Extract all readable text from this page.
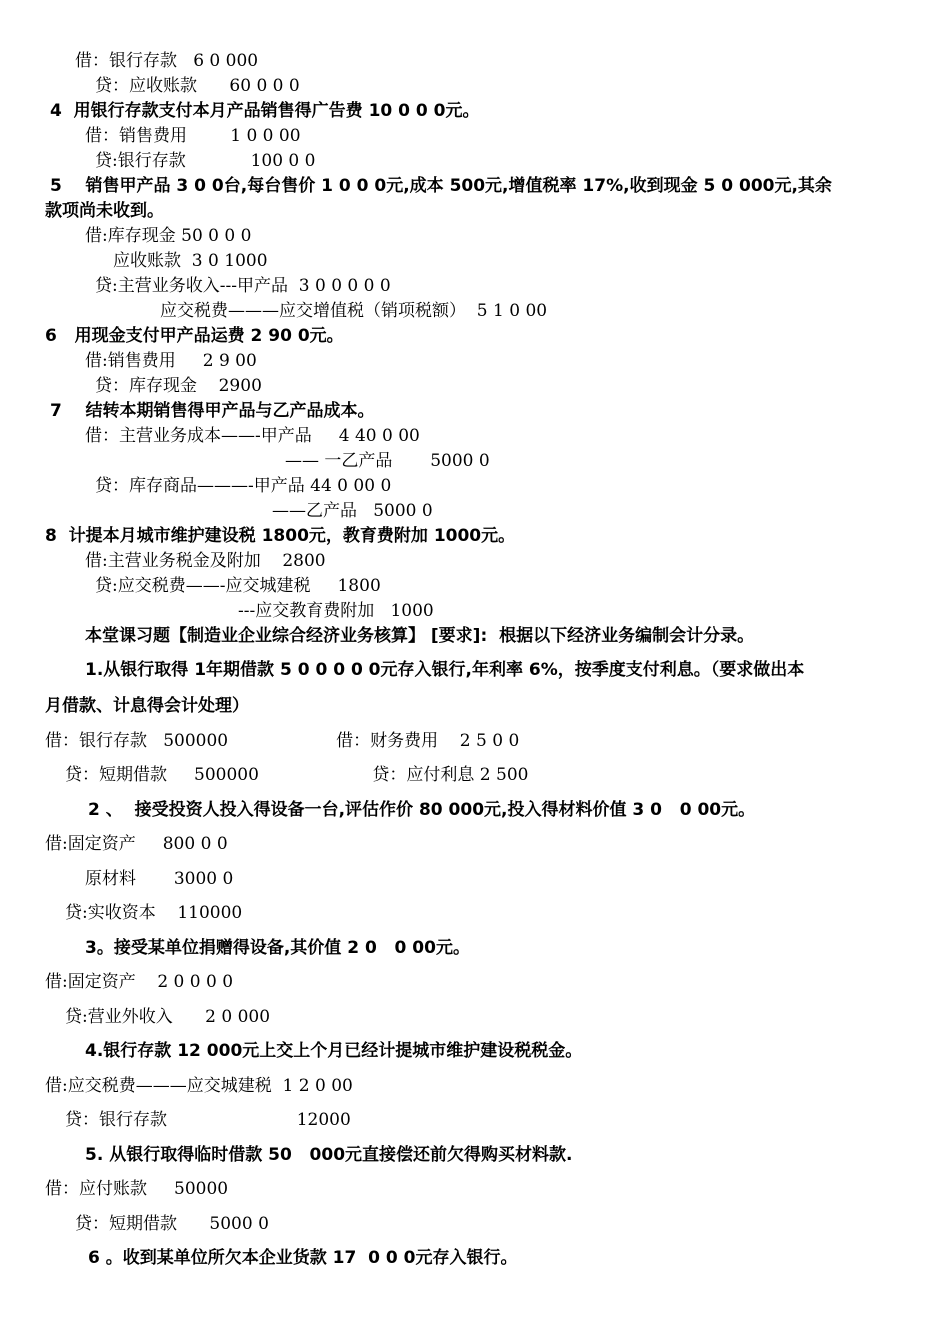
借：银行存款   6 0 000
贷：应收账款      60 0 0 0
4  用银行存款支付本月产品销售得广告费 10 0 0 0元。
借：销售费用        1 0 0 00
贷:银行存款            100 0 0
5    销售甲产品 3 0 0台,每台售价 1 0 0 0元,成本 500元,增值税率 17%,收到现金 5 0 000元,其余
款项尚未收到。
借:库存现金 50 0 0 0
应收账款  3 0 1000
贷:主营业务收入---甲产品  3 0 0 0 0 0
应交税费———应交增值税（销项税额）  5 1 0 00
6   用现金支付甲产品运费 2 90 0元。
借:销售费用     2 9 00
贷：库存现金    2900
7    结转本期销售得甲产品与乙产品成本。
借：主营业务成本——-甲产品     4 40 0 00
—— 一乙产品       5000 0
贷：库存商品———-甲产品 44 0 00 0
——乙产品   5000 0
8  计提本月城市维护建设税 1800元，教育费附加 1000元。
借:主营业务税金及附加    2800
贷:应交税费——-应交城建税     1800
---应交教育费附加   1000
本堂课习题【制造业企业综合经济业务核算】 [要求]:  根据以下经济业务编制会计分录。
1.从银行取得 1年期借款 5 0 0 0 0 0元存入银行,年利率 6%，按季度支付利息。（要求做出本
月借款、计息得会计处理）
借：银行存款   500000                    借：财务费用    2 5 0 0
贷：短期借款     500000                     贷：应付利息 2 500
2 、  接受投资人投入得设备一台,评估作价 80 000元,投入得材料价值 3 0   0 00元。
借:固定资产     800 0 0
原材料       3000 0
贷:实收资本    110000
3。接受某单位捐赠得设备,其价值 2 0   0 00元。
借:固定资产    2 0 0 0 0
贷:营业外收入      2 0 000
4.银行存款 12 000元上交上个月已经计提城市维护建设税税金。
借:应交税费———应交城建税  1 2 0 00
贷：银行存款                        12000
5. 从银行取得临时借款 50   000元直接偿还前欠得购买材料款.
借：应付账款     50000
贷：短期借款      5000 0
6 。收到某单位所欠本企业货款 17  0 0 0元存入银行。
